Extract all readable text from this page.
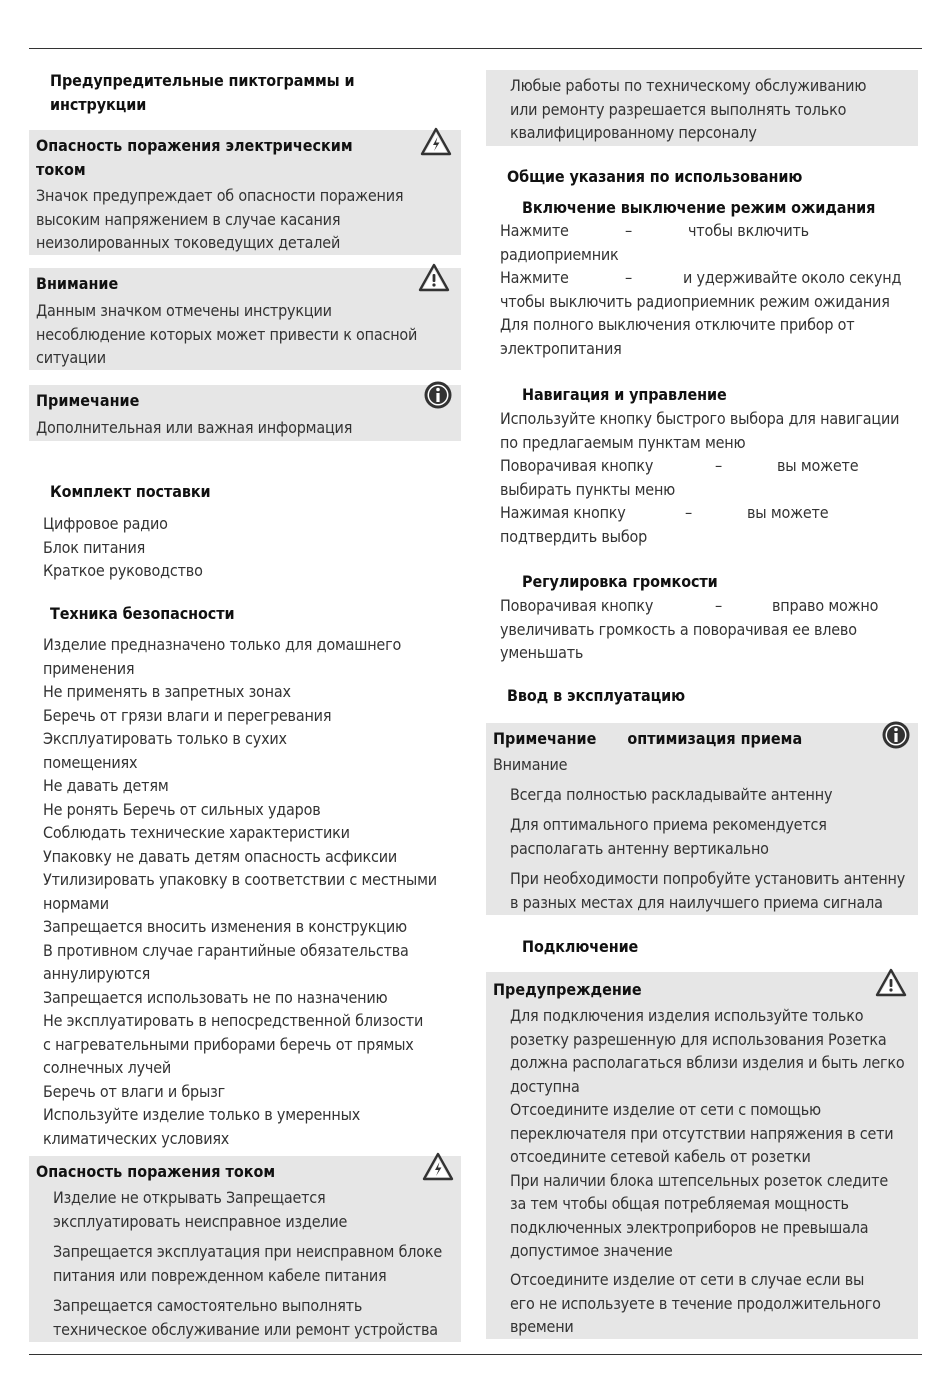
Предупредительные пиктограммы и
инструкции
Опасность поражения электрическим
током
Значок предупреждает об опасности поражения
высоким напряжением в случае касания
неизолированных токоведущих деталей
Внимание
Данным значком отмечены инструкции
несоблюдение которых может привести к опасной
ситуации
Примечание
Дополнительная или важная информация
Комплект поставки
Цифровое радио
Блок питания
Краткое руководство
Техника безопасности
Изделие предназначено только для домашнего
применения
Не применять в запретных зонах
Беречь от грязи влаги и перегревания
Эксплуатировать только в сухих
помещениях
Не давать детям
Не ронять Беречь от сильных ударов
Соблюдать технические характеристики
Упаковку не давать детям опасность асфиксии
Утилизировать упаковку в соответствии с местными
нормами
Запрещается вносить изменения в конструкцию
В противном случае гарантийные обязательства
аннулируются
Запрещается использовать не по назначению
Не эксплуатировать в непосредственной близости
с нагревательными приборами беречь от прямых
солнечных лучей
Беречь от влаги и брызг
Используйте изделие только в умеренных
климатических условиях
Опасность поражения током
Изделие не открывать Запрещается
эксплуатировать неисправное изделие
Запрещается эксплуатация при неисправном блоке
питания или поврежденном кабеле питания
Запрещается самостоятельно выполнять
техническое обслуживание или ремонт устройства
Любые работы по техническому обслуживанию
или ремонту разрешается выполнять только
квалифицированному персоналу
Общие указания по использованию
Включение выключение режим ожидания
Нажмите	–	чтобы включить
радиоприемник
Нажмите	–	и удерживайте около секунд
чтобы выключить радиоприемник режим ожидания
Для полного выключения отключите прибор от
электропитания
Навигация и управление
Используйте кнопку быстрого выбора для навигации
по предлагаемым пунктам меню
Поворачивая кнопку	–	вы можете
выбирать пункты меню
Нажимая кнопку	–	вы можете
подтвердить выбор
Регулировка громкости
Поворачивая кнопку	–	вправо можно
увеличивать громкость а поворачивая ее влево
уменьшать
Ввод в эксплуатацию
Примечание оптимизация приема
Внимание
Всегда полностью раскладывайте антенну
Для оптимального приема рекомендуется
располагать антенну вертикально
При необходимости попробуйте установить антенну
в разных местах для наилучшего приема сигнала
Подключение
Предупреждение
Для подключения изделия используйте только
розетку разрешенную для использования Розетка
должна располагаться вблизи изделия и быть легко
доступна
Отсоедините изделие от сети с помощью
переключателя при отсутствии напряжения в сети
отсоедините сетевой кабель от розетки
При наличии блока штепсельных розеток следите
за тем чтобы общая потребляемая мощность
подключенных электроприборов не превышала
допустимое значение
Отсоедините изделие от сети в случае если вы
его не используете в течение продолжительного
времени
